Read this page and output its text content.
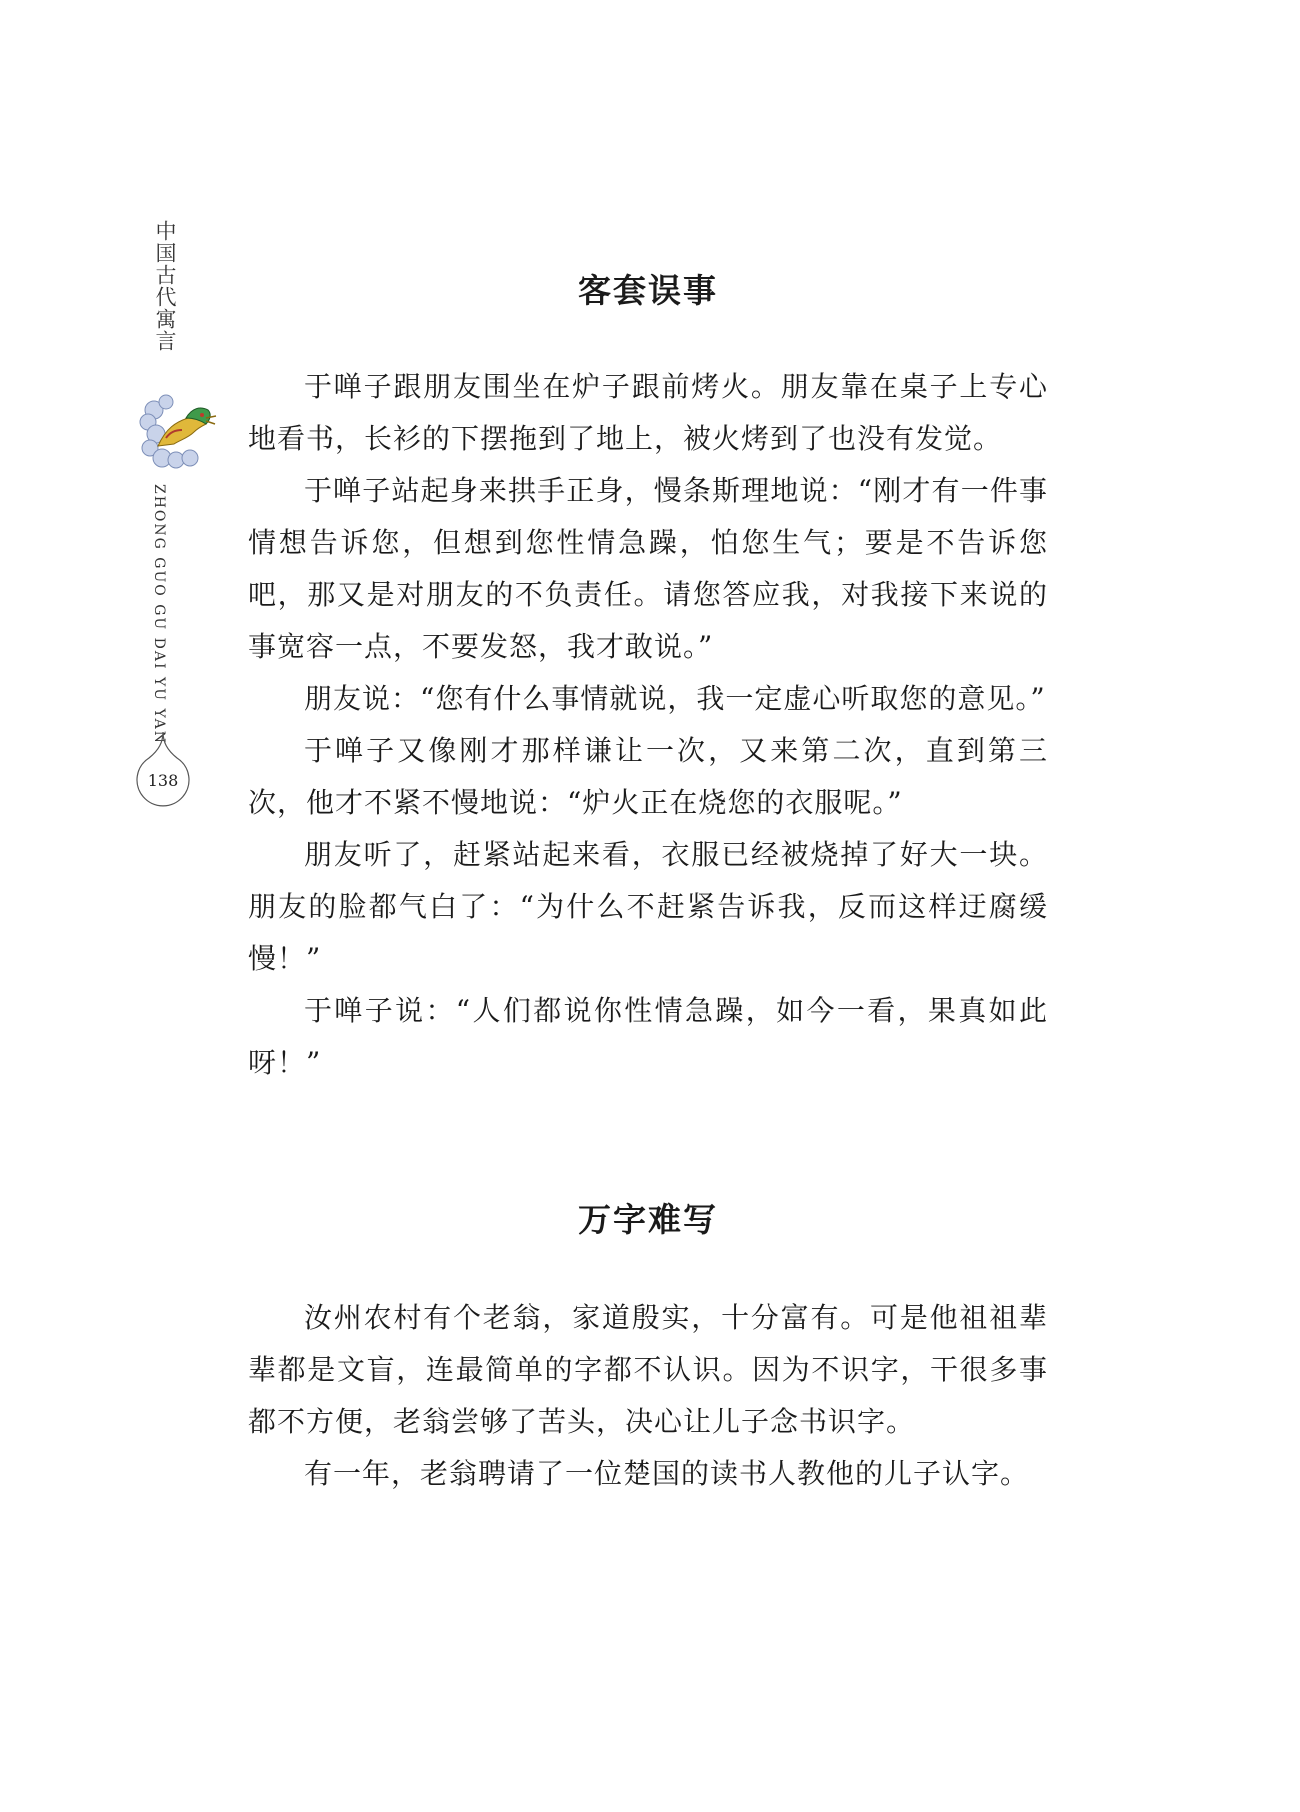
中国古代寓言
ZHONG GUO GU DAI YU YAN
138
客套误事

于啴子跟朋友围坐在炉子跟前烤火。朋友靠在桌子上专心地看书，长衫的下摆拖到了地上，被火烤到了也没有发觉。

于啴子站起身来拱手正身，慢条斯理地说：“刚才有一件事情想告诉您，但想到您性情急躁，怕您生气；要是不告诉您吧，那又是对朋友的不负责任。请您答应我，对我接下来说的事宽容一点，不要发怒，我才敢说。”

朋友说：“您有什么事情就说，我一定虚心听取您的意见。”

于啴子又像刚才那样谦让一次，又来第二次，直到第三次，他才不紧不慢地说：“炉火正在烧您的衣服呢。”

朋友听了，赶紧站起来看，衣服已经被烧掉了好大一块。朋友的脸都气白了：“为什么不赶紧告诉我，反而这样迂腐缓慢！”

于啴子说：“人们都说你性情急躁，如今一看，果真如此呀！”

万字难写

汝州农村有个老翁，家道殷实，十分富有。可是他祖祖辈辈都是文盲，连最简单的字都不认识。因为不识字，干很多事都不方便，老翁尝够了苦头，决心让儿子念书识字。

有一年，老翁聘请了一位楚国的读书人教他的儿子认字。
